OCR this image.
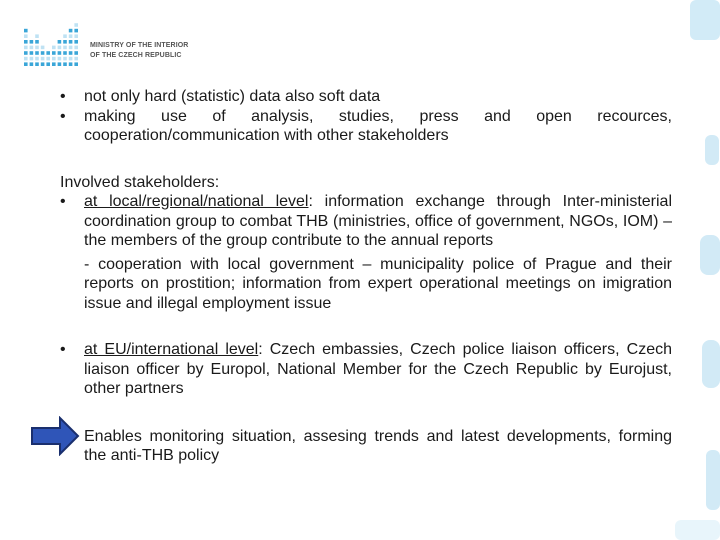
MINISTRY OF THE INTERIOR
OF THE CZECH REPUBLIC
• not only hard (statistic) data also soft data
• making use of analysis, studies, press and open recources, cooperation/communication with other stakeholders
Involved stakeholders:
• at local/regional/national level: information exchange through Inter-ministerial coordination group to combat THB (ministries, office of government, NGOs, IOM) – the members of the group contribute to the annual reports
- cooperation with local government – municipality police of Prague and their reports on prostition; information from expert operational meetings on imigration issue and illegal employment issue
• at EU/international level: Czech embassies, Czech police liaison officers, Czech liaison officer by Europol, National Member for the Czech Republic by Eurojust, other partners
Enables monitoring situation, assesing trends and latest developments, forming the anti-THB policy
